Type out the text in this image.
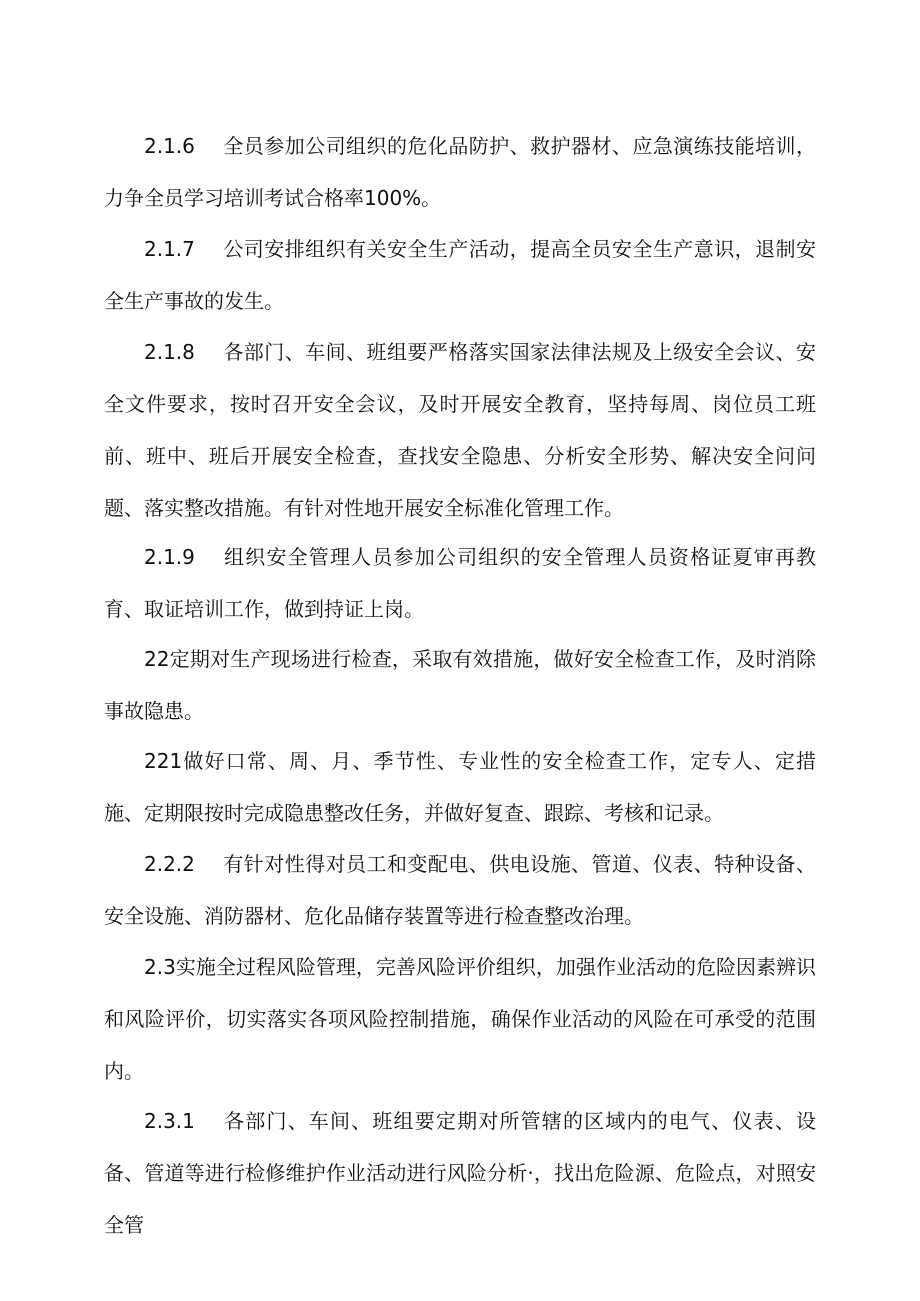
2.1.6 全员参加公司组织的危化品防护、救护器材、应急演练技能培训，力争全员学习培训考试合格率100%。

2.1.7 公司安排组织有关安全生产活动，提高全员安全生产意识，退制安全生产事故的发生。

2.1.8 各部门、车间、班组要严格落实国家法律法规及上级安全会议、安全文件要求，按时召开安全会议，及时开展安全教育，坚持每周、岗位员工班前、班中、班后开展安全检查，查找安全隐患、分析安全形势、解决安全问问题、落实整改措施。有针对性地开展安全标准化管理工作。

2.1.9 组织安全管理人员参加公司组织的安全管理人员资格证夏审再教育、取证培训工作，做到持证上岗。

22定期对生产现场进行检查，采取有效措施，做好安全检查工作，及时消除事故隐患。

221做好口常、周、月、季节性、专业性的安全检查工作，定专人、定措施、定期限按时完成隐患整改任务，并做好复查、跟踪、考核和记录。

2.2.2 有针对性得对员工和变配电、供电设施、管道、仪表、特种设备、安全设施、消防器材、危化品储存装置等进行检查整改治理。

2.3实施全过程风险管理，完善风险评价组织，加强作业活动的危险因素辨识和风险评价，切实落实各项风险控制措施，确保作业活动的风险在可承受的范围内。

2.3.1 各部门、车间、班组要定期对所管辖的区域内的电气、仪表、设备、管道等进行检修维护作业活动进行风险分析·，找出危险源、危险点，对照安全管
